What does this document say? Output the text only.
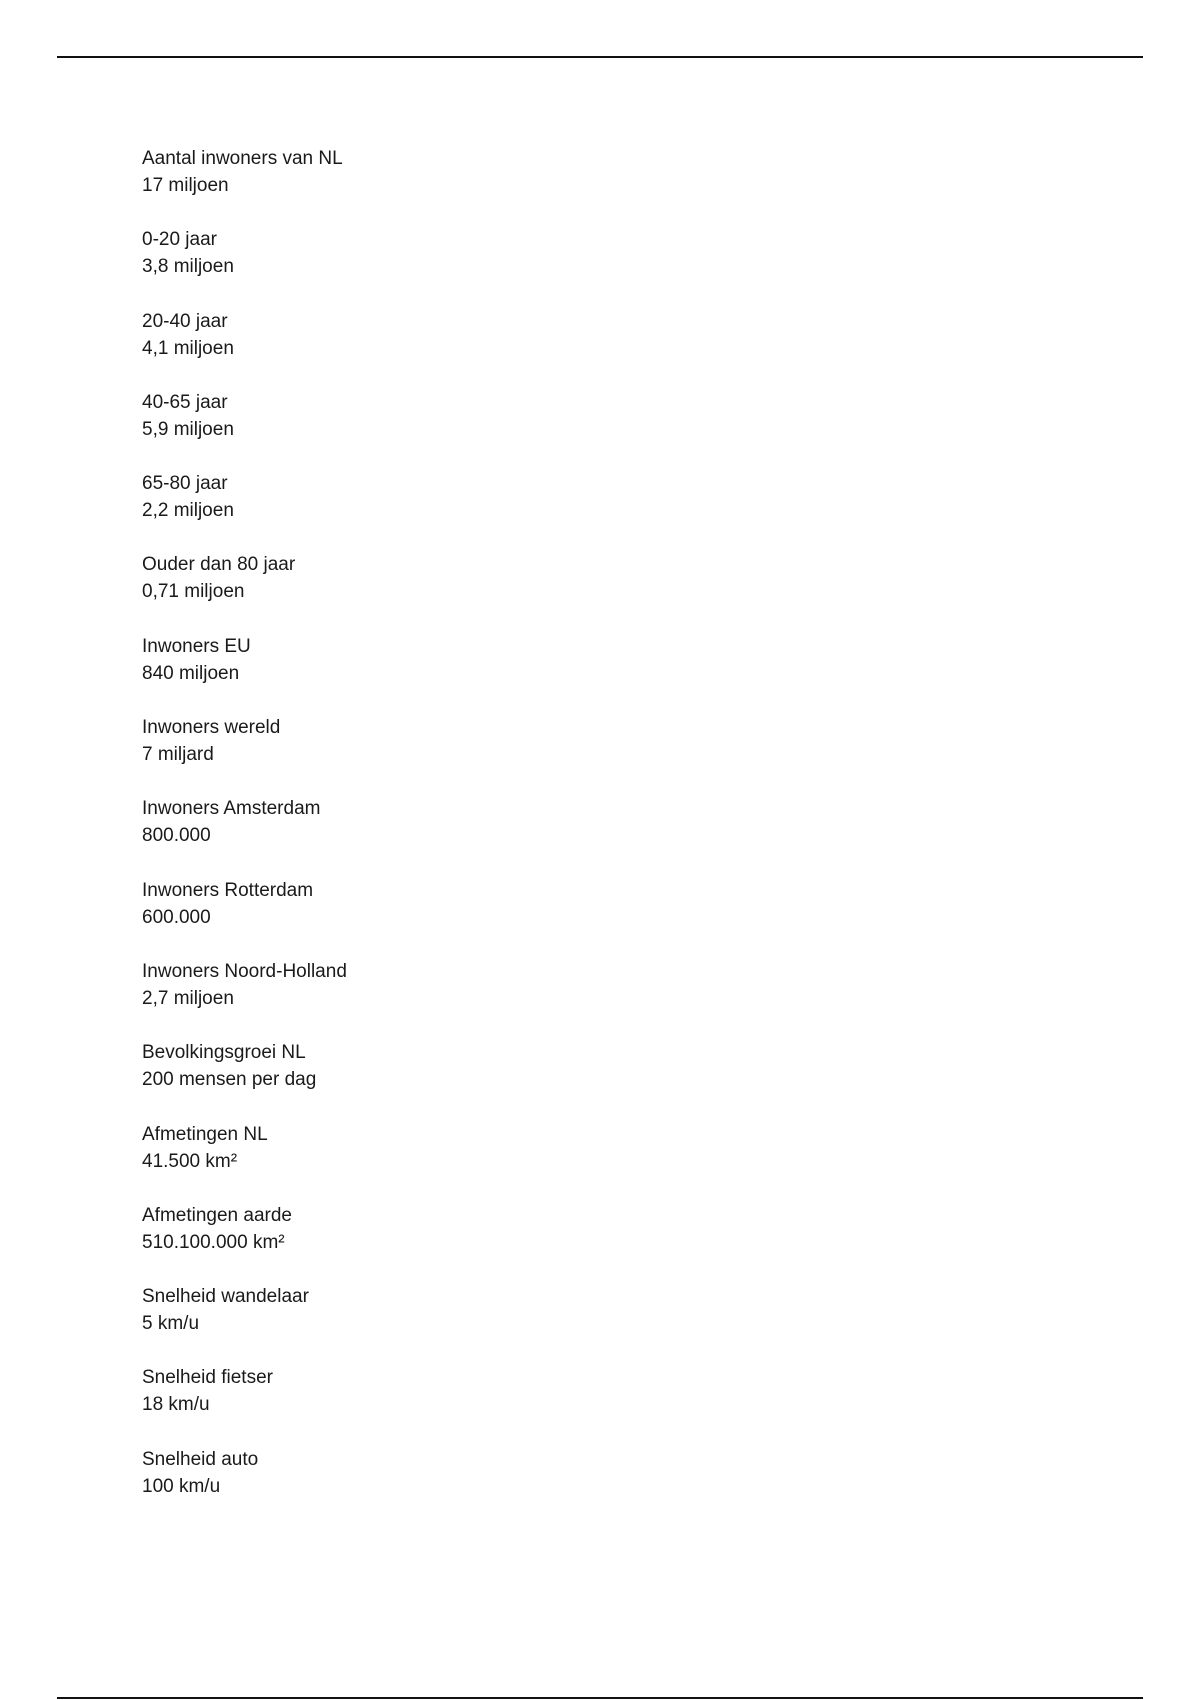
Aantal inwoners van NL
17 miljoen
0-20 jaar
3,8 miljoen
20-40 jaar
4,1 miljoen
40-65 jaar
5,9 miljoen
65-80 jaar
2,2 miljoen
Ouder dan 80 jaar
0,71 miljoen
Inwoners EU
840 miljoen
Inwoners wereld
7 miljard
Inwoners Amsterdam
800.000
Inwoners Rotterdam
600.000
Inwoners Noord-Holland
2,7 miljoen
Bevolkingsgroei NL
200 mensen per dag
Afmetingen NL
41.500 km²
Afmetingen aarde
510.100.000 km²
Snelheid wandelaar
5 km/u
Snelheid fietser
18 km/u
Snelheid auto
100 km/u
